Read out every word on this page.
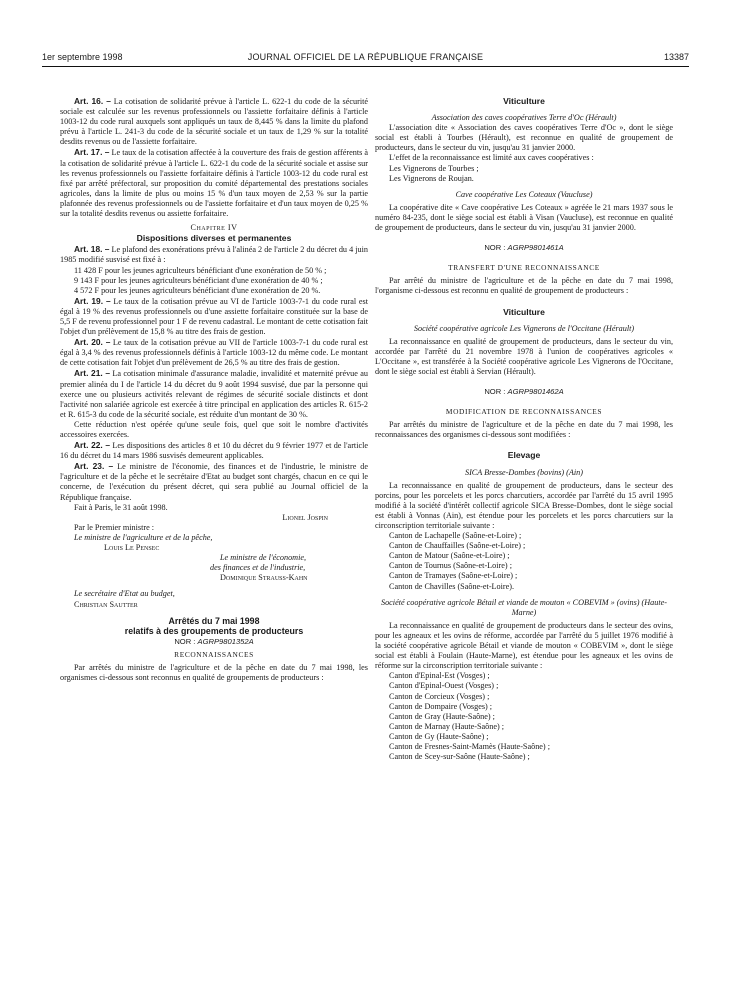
1er septembre 1998	JOURNAL OFFICIEL DE LA RÉPUBLIQUE FRANÇAISE	13387

Art. 16. – La cotisation de solidarité prévue à l'article L. 622-1 du code de la sécurité sociale est calculée sur les revenus professionnels ou l'assiette forfaitaire définis à l'article 1003-12 du code rural auxquels sont appliqués un taux de 8,445 % dans la limite du plafond prévu à l'article L. 241-3 du code de la sécurité sociale et un taux de 1,29 % sur la totalité desdits revenus ou de l'assiette forfaitaire.

Art. 17. – Le taux de la cotisation affectée à la couverture des frais de gestion afférents à la cotisation de solidarité prévue à l'article L. 622-1 du code de la sécurité sociale et assise sur les revenus professionnels ou l'assiette forfaitaire définis à l'article 1003-12 du code rural est fixé par arrêté préfectoral, sur proposition du comité départemental des prestations sociales agricoles, dans la limite de plus ou moins 15 % d'un taux moyen de 2,53 % sur la partie plafonnée des revenus professionnels ou de l'assiette forfaitaire et d'un taux moyen de 0,25 % sur la totalité desdits revenus ou assiette forfaitaire.

Chapitre IV

Dispositions diverses et permanentes

Art. 18. – Le plafond des exonérations prévu à l'alinéa 2 de l'article 2 du décret du 4 juin 1985 modifié susvisé est fixé à :

11 428 F pour les jeunes agriculteurs bénéficiant d'une exonération de 50 % ;

9 143 F pour les jeunes agriculteurs bénéficiant d'une exonération de 40 % ;

4 572 F pour les jeunes agriculteurs bénéficiant d'une exonération de 20 %.

Art. 19. – Le taux de la cotisation prévue au VI de l'article 1003-7-1 du code rural est égal à 19 % des revenus professionnels ou d'une assiette forfaitaire constituée sur la base de 5,5 F de revenu professionnel pour 1 F de revenu cadastral. Le montant de cette cotisation fait l'objet d'un prélèvement de 15,8 % au titre des frais de gestion.

Art. 20. – Le taux de la cotisation prévue au VII de l'article 1003-7-1 du code rural est égal à 3,4 % des revenus professionnels définis à l'article 1003-12 du même code. Le montant de cette cotisation fait l'objet d'un prélèvement de 26,5 % au titre des frais de gestion.

Art. 21. – La cotisation minimale d'assurance maladie, invalidité et maternité prévue au premier alinéa du I de l'article 14 du décret du 9 août 1994 susvisé, due par la personne qui exerce une ou plusieurs activités relevant de régimes de sécurité sociale distincts et dont l'activité non salariée agricole est exercée à titre principal en application des articles R. 615-2 et R. 615-3 du code de la sécurité sociale, est réduite d'un montant de 30 %.

Cette réduction n'est opérée qu'une seule fois, quel que soit le nombre d'activités accessoires exercées.

Art. 22. – Les dispositions des articles 8 et 10 du décret du 9 février 1977 et de l'article 16 du décret du 14 mars 1986 susvisés demeurent applicables.

Art. 23. – Le ministre de l'économie, des finances et de l'industrie, le ministre de l'agriculture et de la pêche et le secrétaire d'Etat au budget sont chargés, chacun en ce qui le concerne, de l'exécution du présent décret, qui sera publié au Journal officiel de la République française.

Fait à Paris, le 31 août 1998.

Lionel Jospin

Par le Premier ministre :

Le ministre de l'agriculture et de la pêche,

Louis Le Pensec

Le ministre de l'économie,

des finances et de l'industrie,

Dominique Strauss-Kahn

Le secrétaire d'Etat au budget,

Christian Sautter

Arrêtés du 7 mai 1998

relatifs à des groupements de producteurs

NOR : AGRP9801352A

RECONNAISSANCES

Par arrêtés du ministre de l'agriculture et de la pêche en date du 7 mai 1998, les organismes ci-dessous sont reconnus en qualité de groupements de producteurs :

Viticulture

Association des caves coopératives Terre d'Oc (Hérault)

L'association dite « Association des caves coopératives Terre d'Oc », dont le siège social est établi à Tourbes (Hérault), est reconnue en qualité de groupement de producteurs, dans le secteur du vin, jusqu'au 31 janvier 2000.

L'effet de la reconnaissance est limité aux caves coopératives :

Les Vignerons de Tourbes ;

Les Vignerons de Roujan.

Cave coopérative Les Coteaux (Vaucluse)

La coopérative dite « Cave coopérative Les Coteaux » agréée le 21 mars 1937 sous le numéro 84-235, dont le siège social est établi à Visan (Vaucluse), est reconnue en qualité de groupement de producteurs, dans le secteur du vin, jusqu'au 31 janvier 2000.

NOR : AGRP9801461A

TRANSFERT D'UNE RECONNAISSANCE

Par arrêté du ministre de l'agriculture et de la pêche en date du 7 mai 1998, l'organisme ci-dessous est reconnu en qualité de groupement de producteurs :

Viticulture

Société coopérative agricole Les Vignerons de l'Occitane (Hérault)

La reconnaissance en qualité de groupement de producteurs, dans le secteur du vin, accordée par l'arrêté du 21 novembre 1978 à l'union de coopératives agricoles « L'Occitane », est transférée à la Société coopérative agricole Les Vignerons de l'Occitane, dont le siège social est établi à Servian (Hérault).

NOR : AGRP9801462A

MODIFICATION DE RECONNAISSANCES

Par arrêtés du ministre de l'agriculture et de la pêche en date du 7 mai 1998, les reconnaissances des organismes ci-dessous sont modifiées :

Elevage

SICA Bresse-Dombes (bovins) (Ain)

La reconnaissance en qualité de groupement de producteurs, dans le secteur des porcins, pour les porcelets et les porcs charcutiers, accordée par l'arrêté du 15 avril 1995 modifié à la société d'intérêt collectif agricole SICA Bresse-Dombes, dont le siège social est établi à Vonnas (Ain), est étendue pour les porcelets et les porcs charcutiers sur la circonscription territoriale suivante :

Canton de Lachapelle (Saône-et-Loire) ;

Canton de Chauffailles (Saône-et-Loire) ;

Canton de Matour (Saône-et-Loire) ;

Canton de Tournus (Saône-et-Loire) ;

Canton de Tramayes (Saône-et-Loire) ;

Canton de Chavilles (Saône-et-Loire).

Société coopérative agricole Bétail et viande de mouton « COBEVIM » (ovins) (Haute-Marne)

La reconnaissance en qualité de groupement de producteurs dans le secteur des ovins, pour les agneaux et les ovins de réforme, accordée par l'arrêté du 5 juillet 1976 modifié à la société coopérative agricole Bétail et viande de mouton « COBEVIM », dont le siège social est établi à Foulain (Haute-Marne), est étendue pour les agneaux et les ovins de réforme sur la circonscription territoriale suivante :

Canton d'Epinal-Est (Vosges) ;

Canton d'Epinal-Ouest (Vosges) ;

Canton de Corcieux (Vosges) ;

Canton de Dompaire (Vosges) ;

Canton de Gray (Haute-Saône) ;

Canton de Marnay (Haute-Saône) ;

Canton de Gy (Haute-Saône) ;

Canton de Fresnes-Saint-Mamès (Haute-Saône) ;

Canton de Scey-sur-Saône (Haute-Saône) ;
